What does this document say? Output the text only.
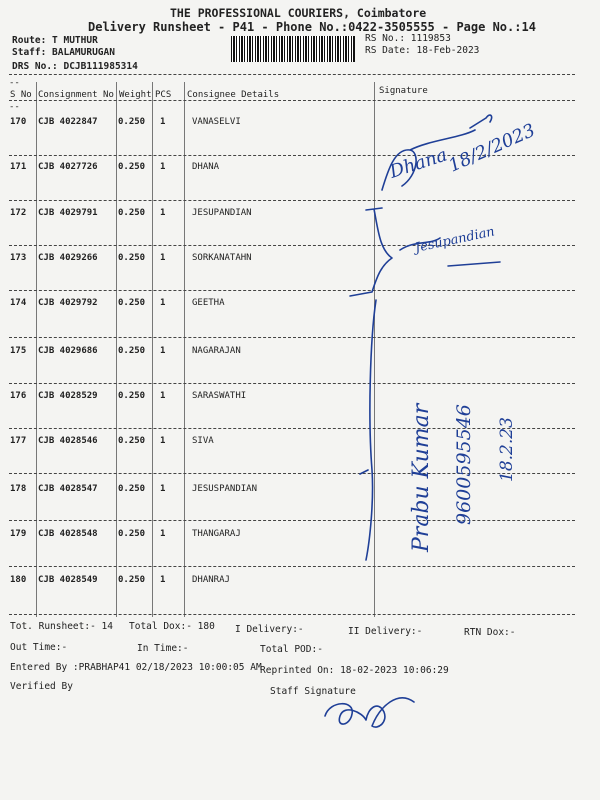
THE PROFESSIONAL COURIERS, Coimbatore
Delivery Runsheet - P41 - Phone No.:0422-3505555 - Page No.:14
Route: T MUTHUR
Staff: BALAMURUGAN
DRS No.: DCJB111985314
RS No.: 1119853
RS Date: 18-Feb-2023
--
S No Consignment No Weight PCS Consignee Details	Signature
--
170 CJB 4022847 0.250 1	VANASELVI
171 CJB 4027726 0.250 1	DHANA
172 CJB 4029791 0.250 1	JESUPANDIAN
173 CJB 4029266 0.250 1	SORKANATAHN
174 CJB 4029792 0.250 1	GEETHA
175 CJB 4029686 0.250 1	NAGARAJAN
176 CJB 4028529 0.250 1	SARASWATHI
177 CJB 4028546 0.250 1	SIVA
178 CJB 4028547 0.250 1	JESUSPANDIAN
179 CJB 4028548 0.250 1	THANGARAJ
180 CJB 4028549 0.250 1	DHANRAJ
Tot. Runsheet:- 14 Total Dox:- 180 I Delivery:-	II Delivery:-	RTN Dox:-
Out Time:-	In Time:-	Total POD:-
Entered By :PRABHAP41 02/18/2023 10:00:05 AM
Reprinted On: 18-02-2023 10:06:29
Verified By	Staff Signature
Dhana
18/2/2023
Jesupandian
Prabu Kumar 9600595546 18.2.23
